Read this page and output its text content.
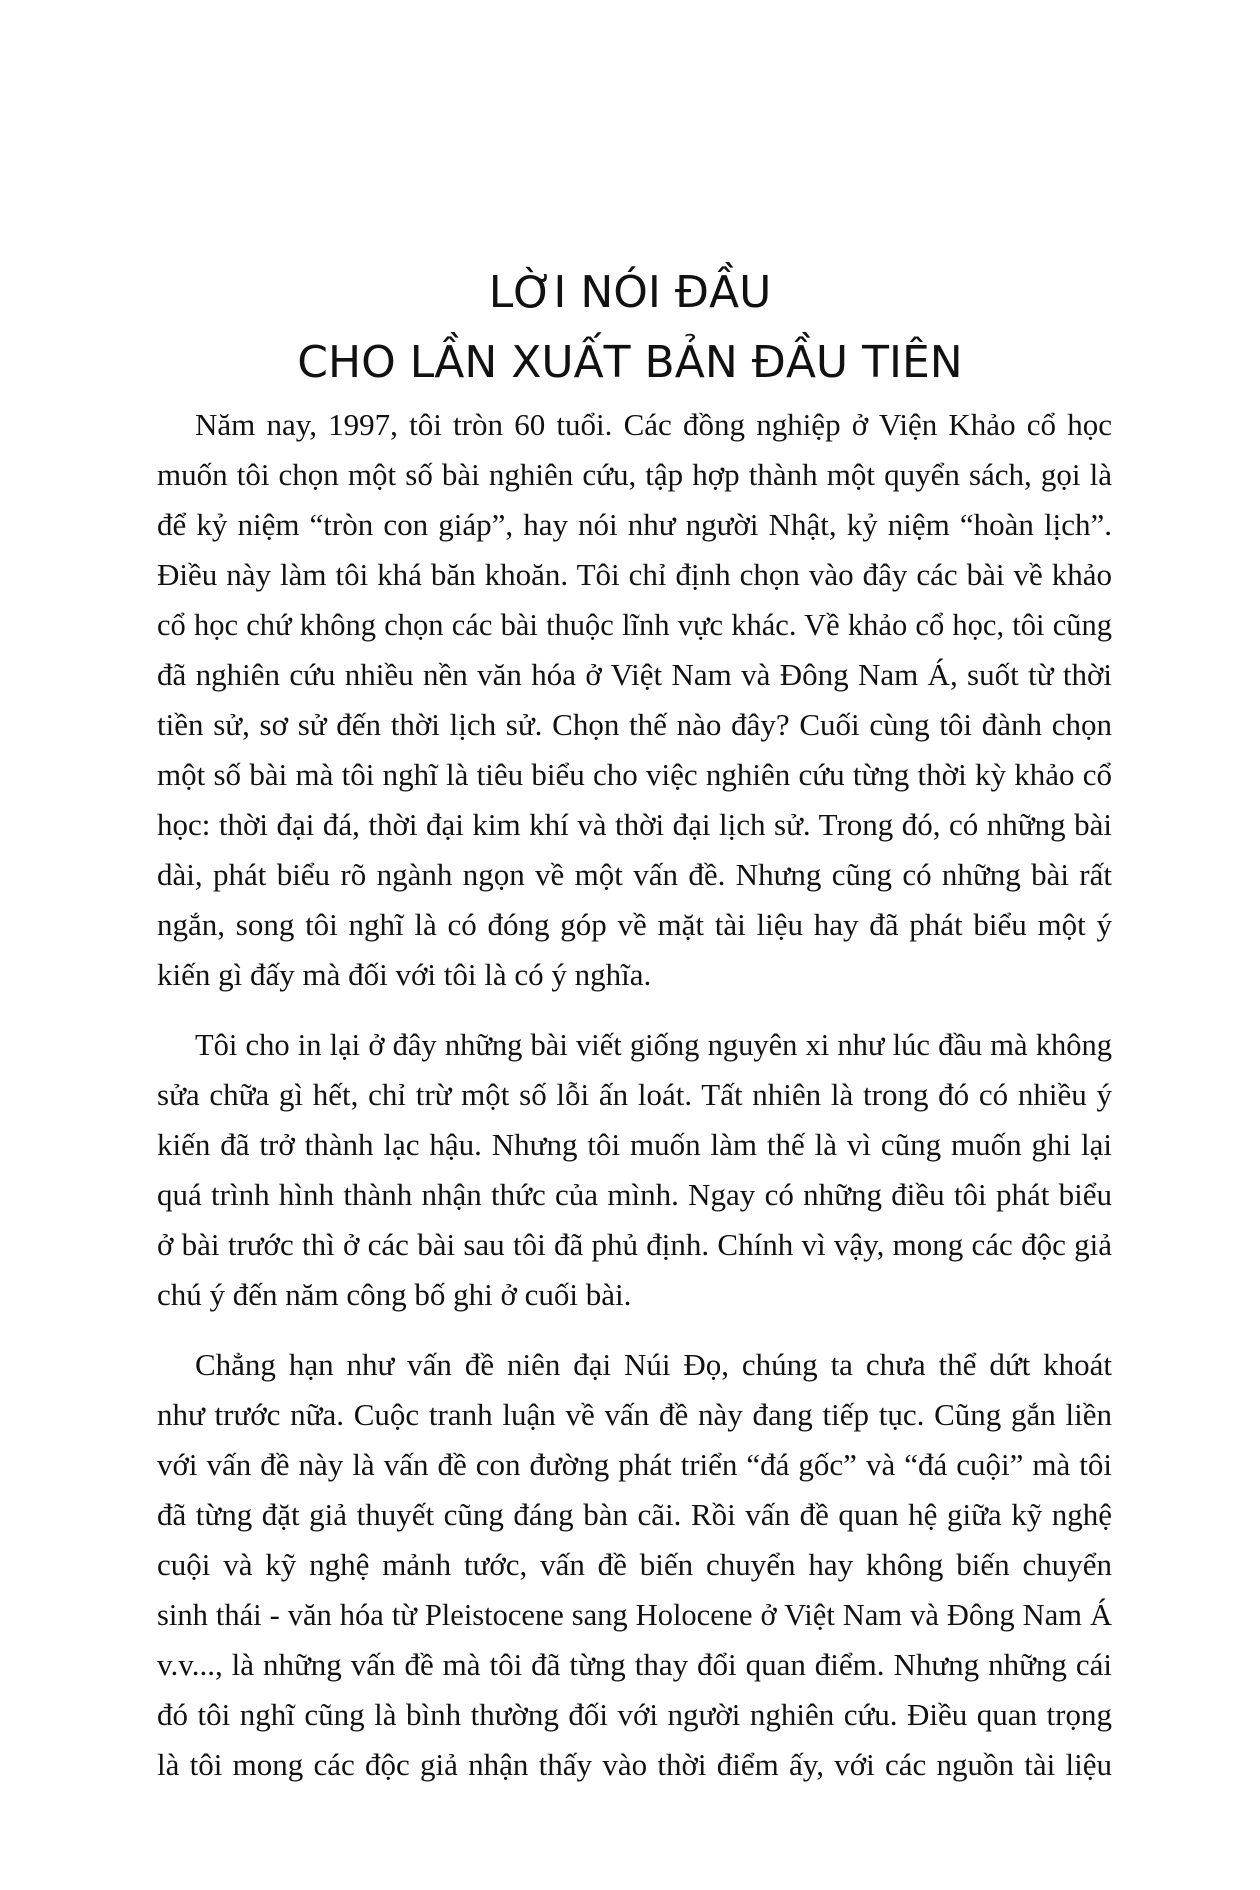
LỜI NÓI ĐẦU
CHO LẦN XUẤT BẢN ĐẦU TIÊN

Năm nay, 1997, tôi tròn 60 tuổi. Các đồng nghiệp ở Viện Khảo cổ học
muốn tôi chọn một số bài nghiên cứu, tập hợp thành một quyển sách, gọi là
để kỷ niệm “tròn con giáp”, hay nói như người Nhật, kỷ niệm “hoàn lịch”.
Điều này làm tôi khá băn khoăn. Tôi chỉ định chọn vào đây các bài về khảo
cổ học chứ không chọn các bài thuộc lĩnh vực khác. Về khảo cổ học, tôi cũng
đã nghiên cứu nhiều nền văn hóa ở Việt Nam và Đông Nam Á, suốt từ thời
tiền sử, sơ sử đến thời lịch sử. Chọn thế nào đây? Cuối cùng tôi đành chọn
một số bài mà tôi nghĩ là tiêu biểu cho việc nghiên cứu từng thời kỳ khảo cổ
học: thời đại đá, thời đại kim khí và thời đại lịch sử. Trong đó, có những bài
dài, phát biểu rõ ngành ngọn về một vấn đề. Nhưng cũng có những bài rất
ngắn, song tôi nghĩ là có đóng góp về mặt tài liệu hay đã phát biểu một ý
kiến gì đấy mà đối với tôi là có ý nghĩa.

Tôi cho in lại ở đây những bài viết giống nguyên xi như lúc đầu mà không
sửa chữa gì hết, chỉ trừ một số lỗi ấn loát. Tất nhiên là trong đó có nhiều ý
kiến đã trở thành lạc hậu. Nhưng tôi muốn làm thế là vì cũng muốn ghi lại
quá trình hình thành nhận thức của mình. Ngay có những điều tôi phát biểu
ở bài trước thì ở các bài sau tôi đã phủ định. Chính vì vậy, mong các độc giả
chú ý đến năm công bố ghi ở cuối bài.

Chẳng hạn như vấn đề niên đại Núi Đọ, chúng ta chưa thể dứt khoát
như trước nữa. Cuộc tranh luận về vấn đề này đang tiếp tục. Cũng gắn liền
với vấn đề này là vấn đề con đường phát triển “đá gốc” và “đá cuội” mà tôi
đã từng đặt giả thuyết cũng đáng bàn cãi. Rồi vấn đề quan hệ giữa kỹ nghệ
cuội và kỹ nghệ mảnh tước, vấn đề biến chuyển hay không biến chuyển
sinh thái - văn hóa từ Pleistocene sang Holocene ở Việt Nam và Đông Nam Á
v.v..., là những vấn đề mà tôi đã từng thay đổi quan điểm. Nhưng những cái
đó tôi nghĩ cũng là bình thường đối với người nghiên cứu. Điều quan trọng
là tôi mong các độc giả nhận thấy vào thời điểm ấy, với các nguồn tài liệu
